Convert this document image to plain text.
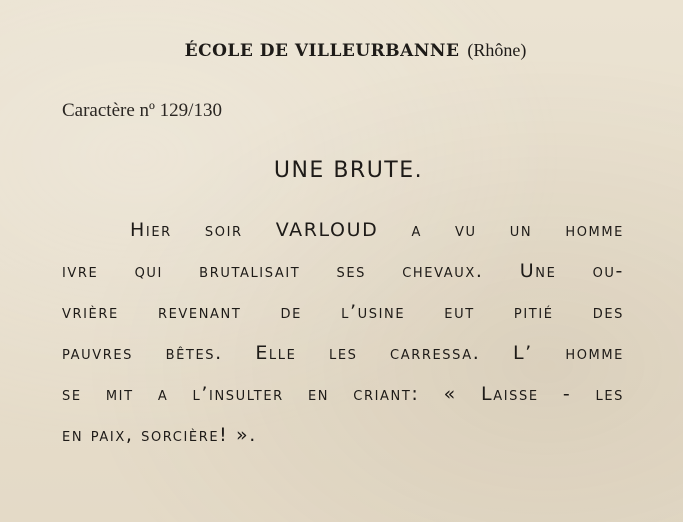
ÉCOLE DE VILLEURBANNE (Rhône)
Caractère nº 129/130
UNE BRUTE.
Hier soir VARLOUD a vu un homme
ivre qui brutalisait ses chevaux. Une ou-
vrière revenant de l’usine eut pitié des
pauvres bêtes. Elle les carressa. L’ homme
se mit a l’insulter en criant: « Laisse - les
en paix, sorcière! ».
